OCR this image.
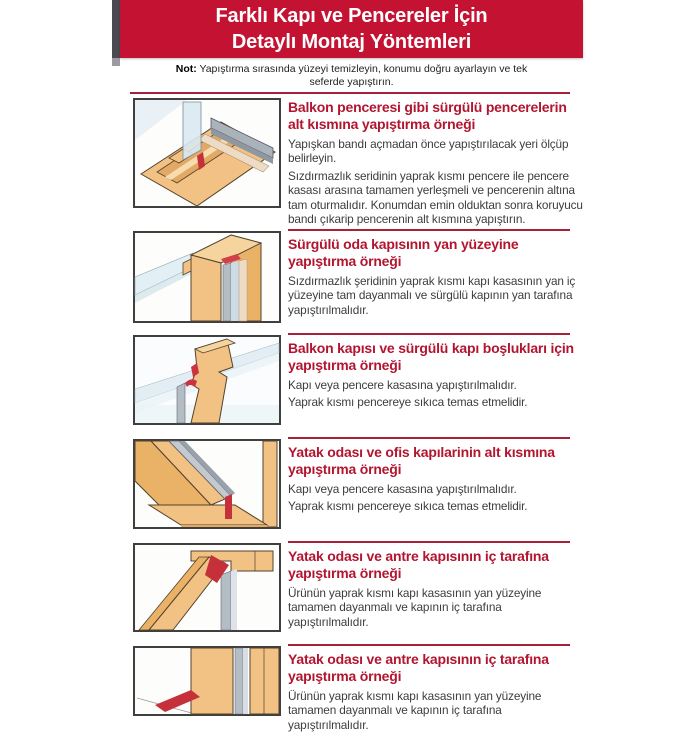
Farklı Kapı ve Pencereler İçin
Detaylı Montaj Yöntemleri
Not: Yapıştırma sırasında yüzeyi temizleyin, konumu doğru ayarlayın ve tek seferde yapıştırın.
Balkon penceresi gibi sürgülü pencerelerin alt kısmına yapıştırma örneği

Yapışkan bandı açmadan önce yapıştırılacak yeri ölçüp belirleyin.

Sızdırmazlık seridinin yaprak kısmı pencere ile pencere kasası arasına tamamen yerleşmeli ve pencerenin altına tam oturmalıdır. Konumdan emin olduktan sonra koruyucu bandı çıkarip pencerenin alt kısmına yapıştırın.

Sürgülü oda kapısının yan yüzeyine yapıştırma örneği

Sızdırmazlık şeridinin yaprak kısmı kapı kasasının yan iç yüzeyine tam dayanmalı ve sürgülü kapının yan tarafına yapıştırılmalıdır.

Balkon kapısı ve sürgülü kapı boşlukları için yapıştırma örneği

Kapı veya pencere kasasına yapıştırılmalıdır.

Yaprak kısmı pencereye sıkıca temas etmelidir.

Yatak odası ve ofis kapılarinin alt kısmına yapıştırma örneği

Kapı veya pencere kasasına yapıştırılmalıdır.

Yaprak kısmı pencereye sıkıca temas etmelidir.

Yatak odası ve antre kapısının iç tarafına yapıştırma örneği

Ürünün yaprak kısmı kapı kasasının yan yüzeyine tamamen dayanmalı ve kapının iç tarafına yapıştırılmalıdır.

Yatak odası ve antre kapısının iç tarafına yapıştırma örneği

Ürünün yaprak kısmı kapı kasasının yan yüzeyine tamamen dayanmalı ve kapının iç tarafına yapıştırılmalıdır.
